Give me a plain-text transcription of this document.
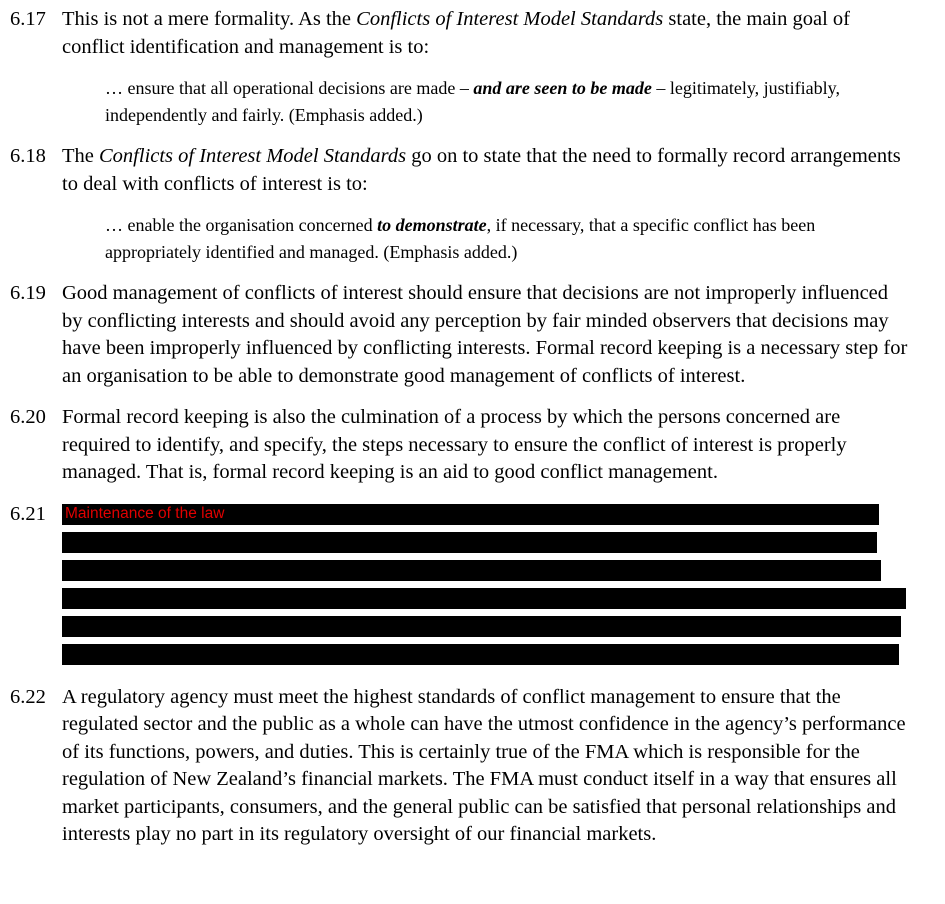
6.17 This is not a mere formality. As the Conflicts of Interest Model Standards state, the main goal of conflict identification and management is to:

… ensure that all operational decisions are made – and are seen to be made – legitimately, justifiably, independently and fairly. (Emphasis added.)
6.18 The Conflicts of Interest Model Standards go on to state that the need to formally record arrangements to deal with conflicts of interest is to:

… enable the organisation concerned to demonstrate, if necessary, that a specific conflict has been appropriately identified and managed. (Emphasis added.)
6.19 Good management of conflicts of interest should ensure that decisions are not improperly influenced by conflicting interests and should avoid any perception by fair minded observers that decisions may have been improperly influenced by conflicting interests. Formal record keeping is a necessary step for an organisation to be able to demonstrate good management of conflicts of interest.

6.20 Formal record keeping is also the culmination of a process by which the persons concerned are required to identify, and specify, the steps necessary to ensure the conflict of interest is properly managed. That is, formal record keeping is an aid to good conflict management.

6.21	Maintenance of the law
6.22 A regulatory agency must meet the highest standards of conflict management to ensure that the regulated sector and the public as a whole can have the utmost confidence in the agency’s performance of its functions, powers, and duties. This is certainly true of the FMA which is responsible for the regulation of New Zealand’s financial markets. The FMA must conduct itself in a way that ensures all market participants, consumers, and the general public can be satisfied that personal relationships and interests play no part in its regulatory oversight of our financial markets.
